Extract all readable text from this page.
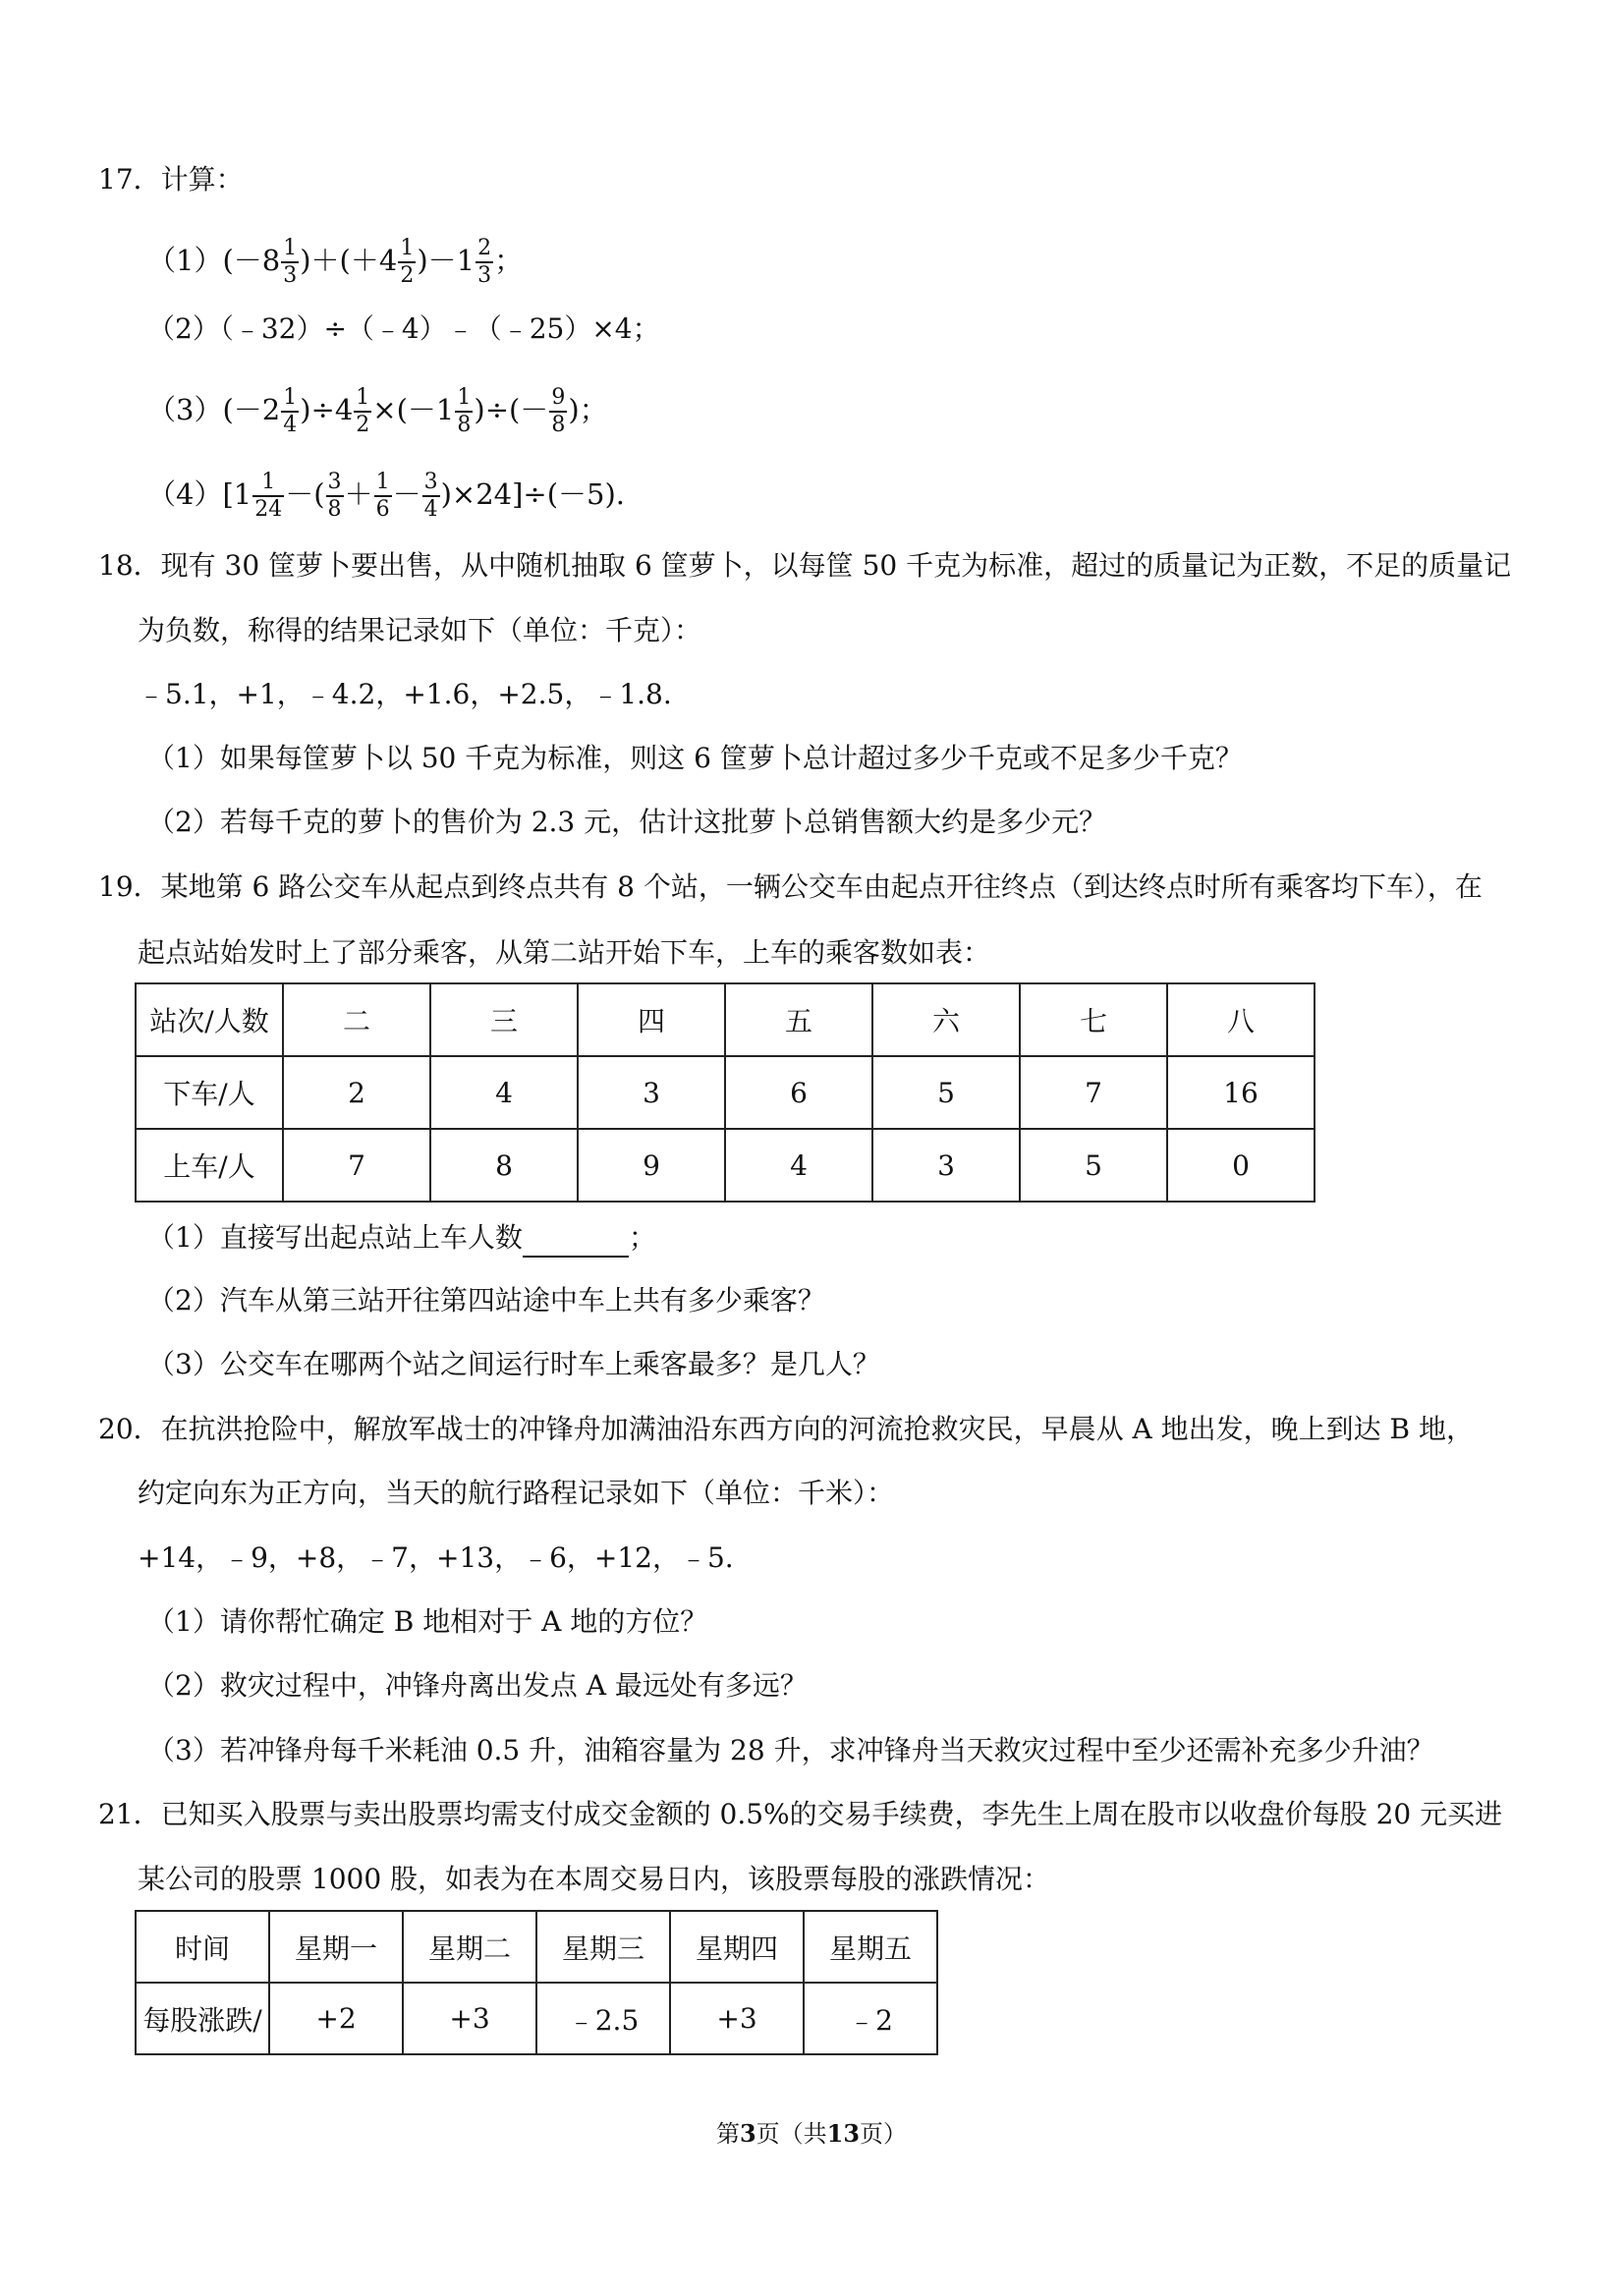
17．计算：
$(1)(-8 \frac{1}{3} )+(+4 \frac{1}{2} )-1 \frac{2}{3}$ ；
（2）（﹣32）÷（﹣4）﹣（﹣25）×4；
$(3)(-2 \frac{1}{4} )\div 4 \frac{1}{2} \times(-1 \frac{1}{8}$ )÷(－ $\frac{9}{8}$ )；
$(4)[1 \frac{1}{24}$ －( $\frac{3}{8} + \frac{1}{6} - \frac{3}{4} )\times 24]\div(-5)$.
18．现有 30 筐萝卜要出售，从中随机抽取 6 筐萝卜，以每筐 50 千克为标准，超过的质量记为正数，不足的质量记
为负数，称得的结果记录如下（单位：千克）：
﹣5.1，+1，﹣4.2，+1.6，+2.5，﹣1.8.
（1）如果每筐萝卜以 50 千克为标准，则这 6 筐萝卜总计超过多少千克或不足多少千克？
（2）若每千克的萝卜的售价为 2.3 元，估计这批萝卜总销售额大约是多少元？
19．某地第 6 路公交车从起点到终点共有 8 个站，一辆公交车由起点开往终点（到达终点时所有乘客均下车），在
起点站始发时上了部分乘客，从第二站开始下车，上车的乘客数如表：
站次/人数	二	三	四	五	六	七	八
下车/人	2	4	3	6	5	7	16
上车/人	7	8	9	4	3	5	0
（1）直接写出起点站上车人数	；
（2）汽车从第三站开往第四站途中车上共有多少乘客？
（3）公交车在哪两个站之间运行时车上乘客最多？是几人？
20．在抗洪抢险中，解放军战士的冲锋舟加满油沿东西方向的河流抢救灾民，早晨从 A 地出发，晚上到达 B 地，
约定向东为正方向，当天的航行路程记录如下（单位：千米）：
+14，﹣9，+8，﹣7，+13，﹣6，+12，﹣5.
（1）请你帮忙确定 B 地相对于 A 地的方位？
（2）救灾过程中，冲锋舟离出发点 A 最远处有多远？
（3）若冲锋舟每千米耗油 0.5 升，油箱容量为 28 升，求冲锋舟当天救灾过程中至少还需补充多少升油？
21．已知买入股票与卖出股票均需支付成交金额的 0.5%的交易手续费，李先生上周在股市以收盘价每股 20 元买进
某公司的股票 1000 股，如表为在本周交易日内，该股票每股的涨跌情况：
时间	星期一	星期二	星期三	星期四	星期五
每股涨跌/	+2	+3	﹣2.5	+3	﹣2
第3页（共13页）
